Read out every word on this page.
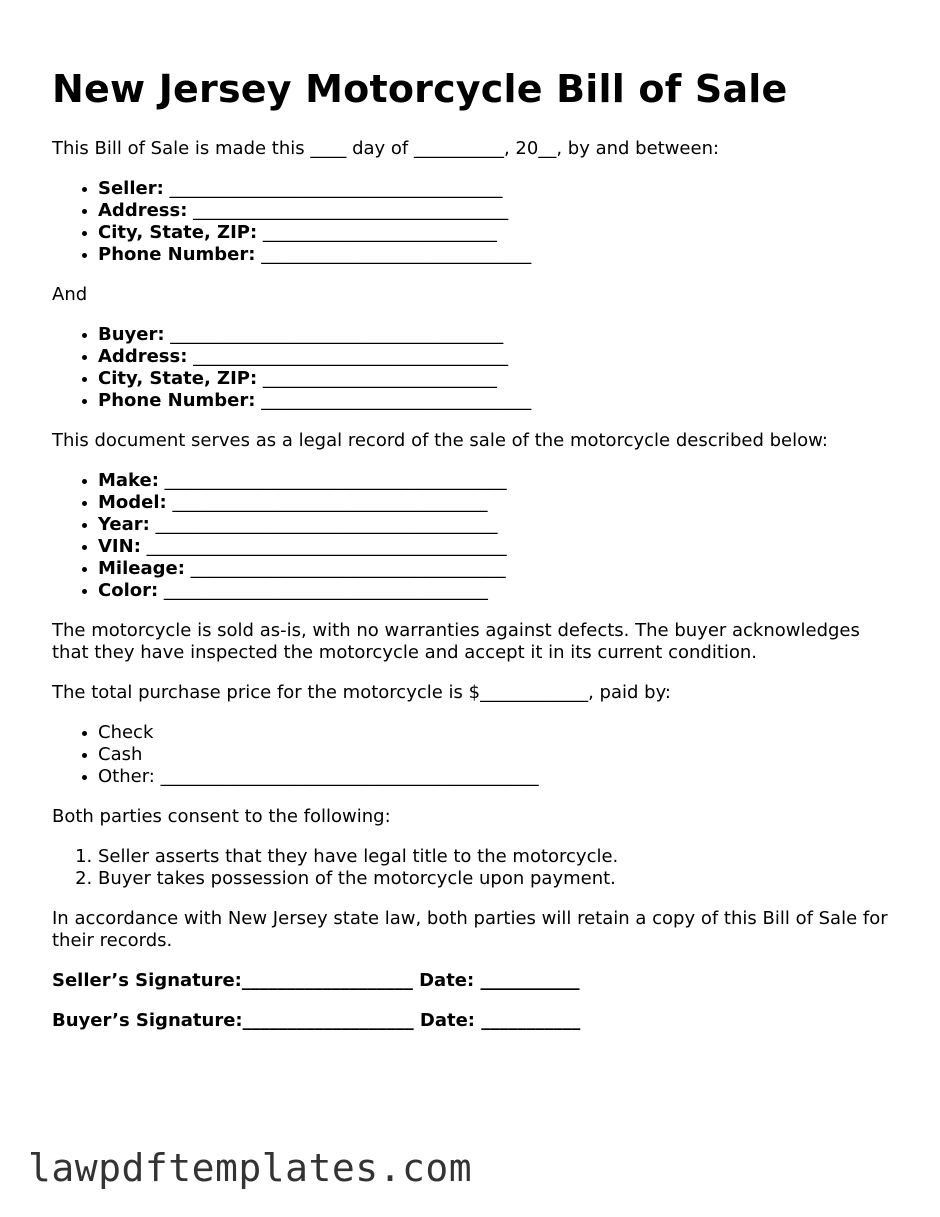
New Jersey Motorcycle Bill of Sale

This Bill of Sale is made this ____ day of __________, 20__, by and between:

• Seller: _____________________________________
• Address: ___________________________________
• City, State, ZIP: __________________________
• Phone Number: ______________________________

And

• Buyer: _____________________________________
• Address: ___________________________________
• City, State, ZIP: __________________________
• Phone Number: ______________________________

This document serves as a legal record of the sale of the motorcycle described below:

• Make: ______________________________________
• Model: ___________________________________
• Year: ______________________________________
• VIN: ________________________________________
• Mileage: ___________________________________
• Color: ____________________________________

The motorcycle is sold as-is, with no warranties against defects. The buyer acknowledges that they have inspected the motorcycle and accept it in its current condition.

The total purchase price for the motorcycle is $____________, paid by:

• Check
• Cash
• Other: __________________________________________

Both parties consent to the following:

1. Seller asserts that they have legal title to the motorcycle.
2. Buyer takes possession of the motorcycle upon payment.

In accordance with New Jersey state law, both parties will retain a copy of this Bill of Sale for their records.

Seller’s Signature:___________________ Date: ___________

Buyer’s Signature:___________________ Date: ___________

lawpdftemplates.com
